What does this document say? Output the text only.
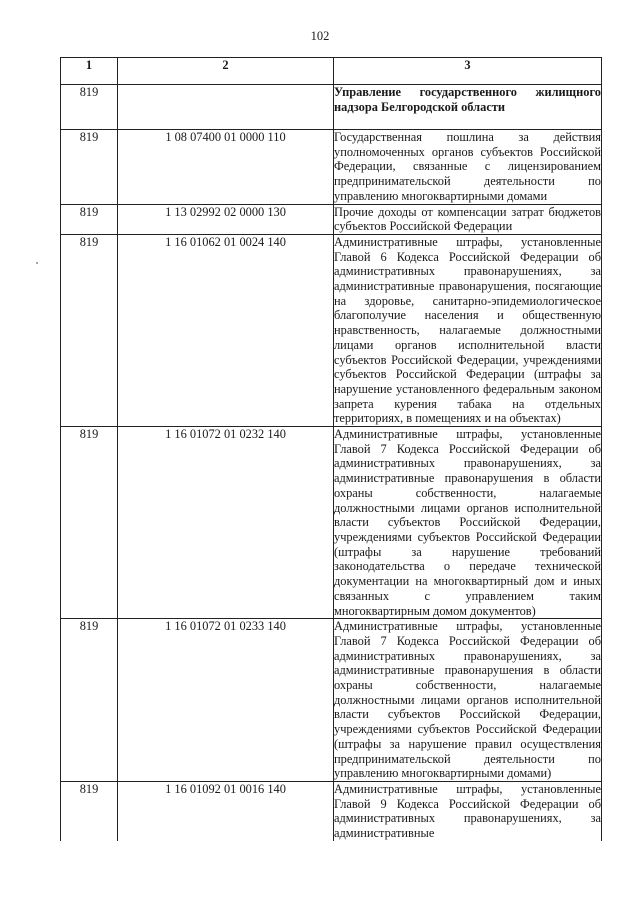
102
1	2	3
819		Управление государственного жилищного надзора Белгородской области
819	1 08 07400 01 0000 110	Государственная пошлина за действия уполномоченных органов субъектов Российской Федерации, связанные с лицензированием предпринимательской деятельности по управлению многоквартирными домами
819	1 13 02992 02 0000 130	Прочие доходы от компенсации затрат бюджетов субъектов Российской Федерации
819	1 16 01062 01 0024 140	Административные штрафы, установленные Главой 6 Кодекса Российской Федерации об административных правонарушениях, за административные правонарушения, посягающие на здоровье, санитарно-эпидемиологическое благополучие населения и общественную нравственность, налагаемые должностными лицами органов исполнительной власти субъектов Российской Федерации, учреждениями субъектов Российской Федерации (штрафы за нарушение установленного федеральным законом запрета курения табака на отдельных территориях, в помещениях и на объектах)
819	1 16 01072 01 0232 140	Административные штрафы, установленные Главой 7 Кодекса Российской Федерации об административных правонарушениях, за административные правонарушения в области охраны собственности, налагаемые должностными лицами органов исполнительной власти субъектов Российской Федерации, учреждениями субъектов Российской Федерации (штрафы за нарушение требований законодательства о передаче технической документации на многоквартирный дом и иных связанных с управлением таким многоквартирным домом документов)
819	1 16 01072 01 0233 140	Административные штрафы, установленные Главой 7 Кодекса Российской Федерации об административных правонарушениях, за административные правонарушения в области охраны собственности, налагаемые должностными лицами органов исполнительной власти субъектов Российской Федерации, учреждениями субъектов Российской Федерации (штрафы за нарушение правил осуществления предпринимательской деятельности по управлению многоквартирными домами)
819	1 16 01092 01 0016 140	Административные штрафы, установленные Главой 9 Кодекса Российской Федерации об административных правонарушениях, за административные
